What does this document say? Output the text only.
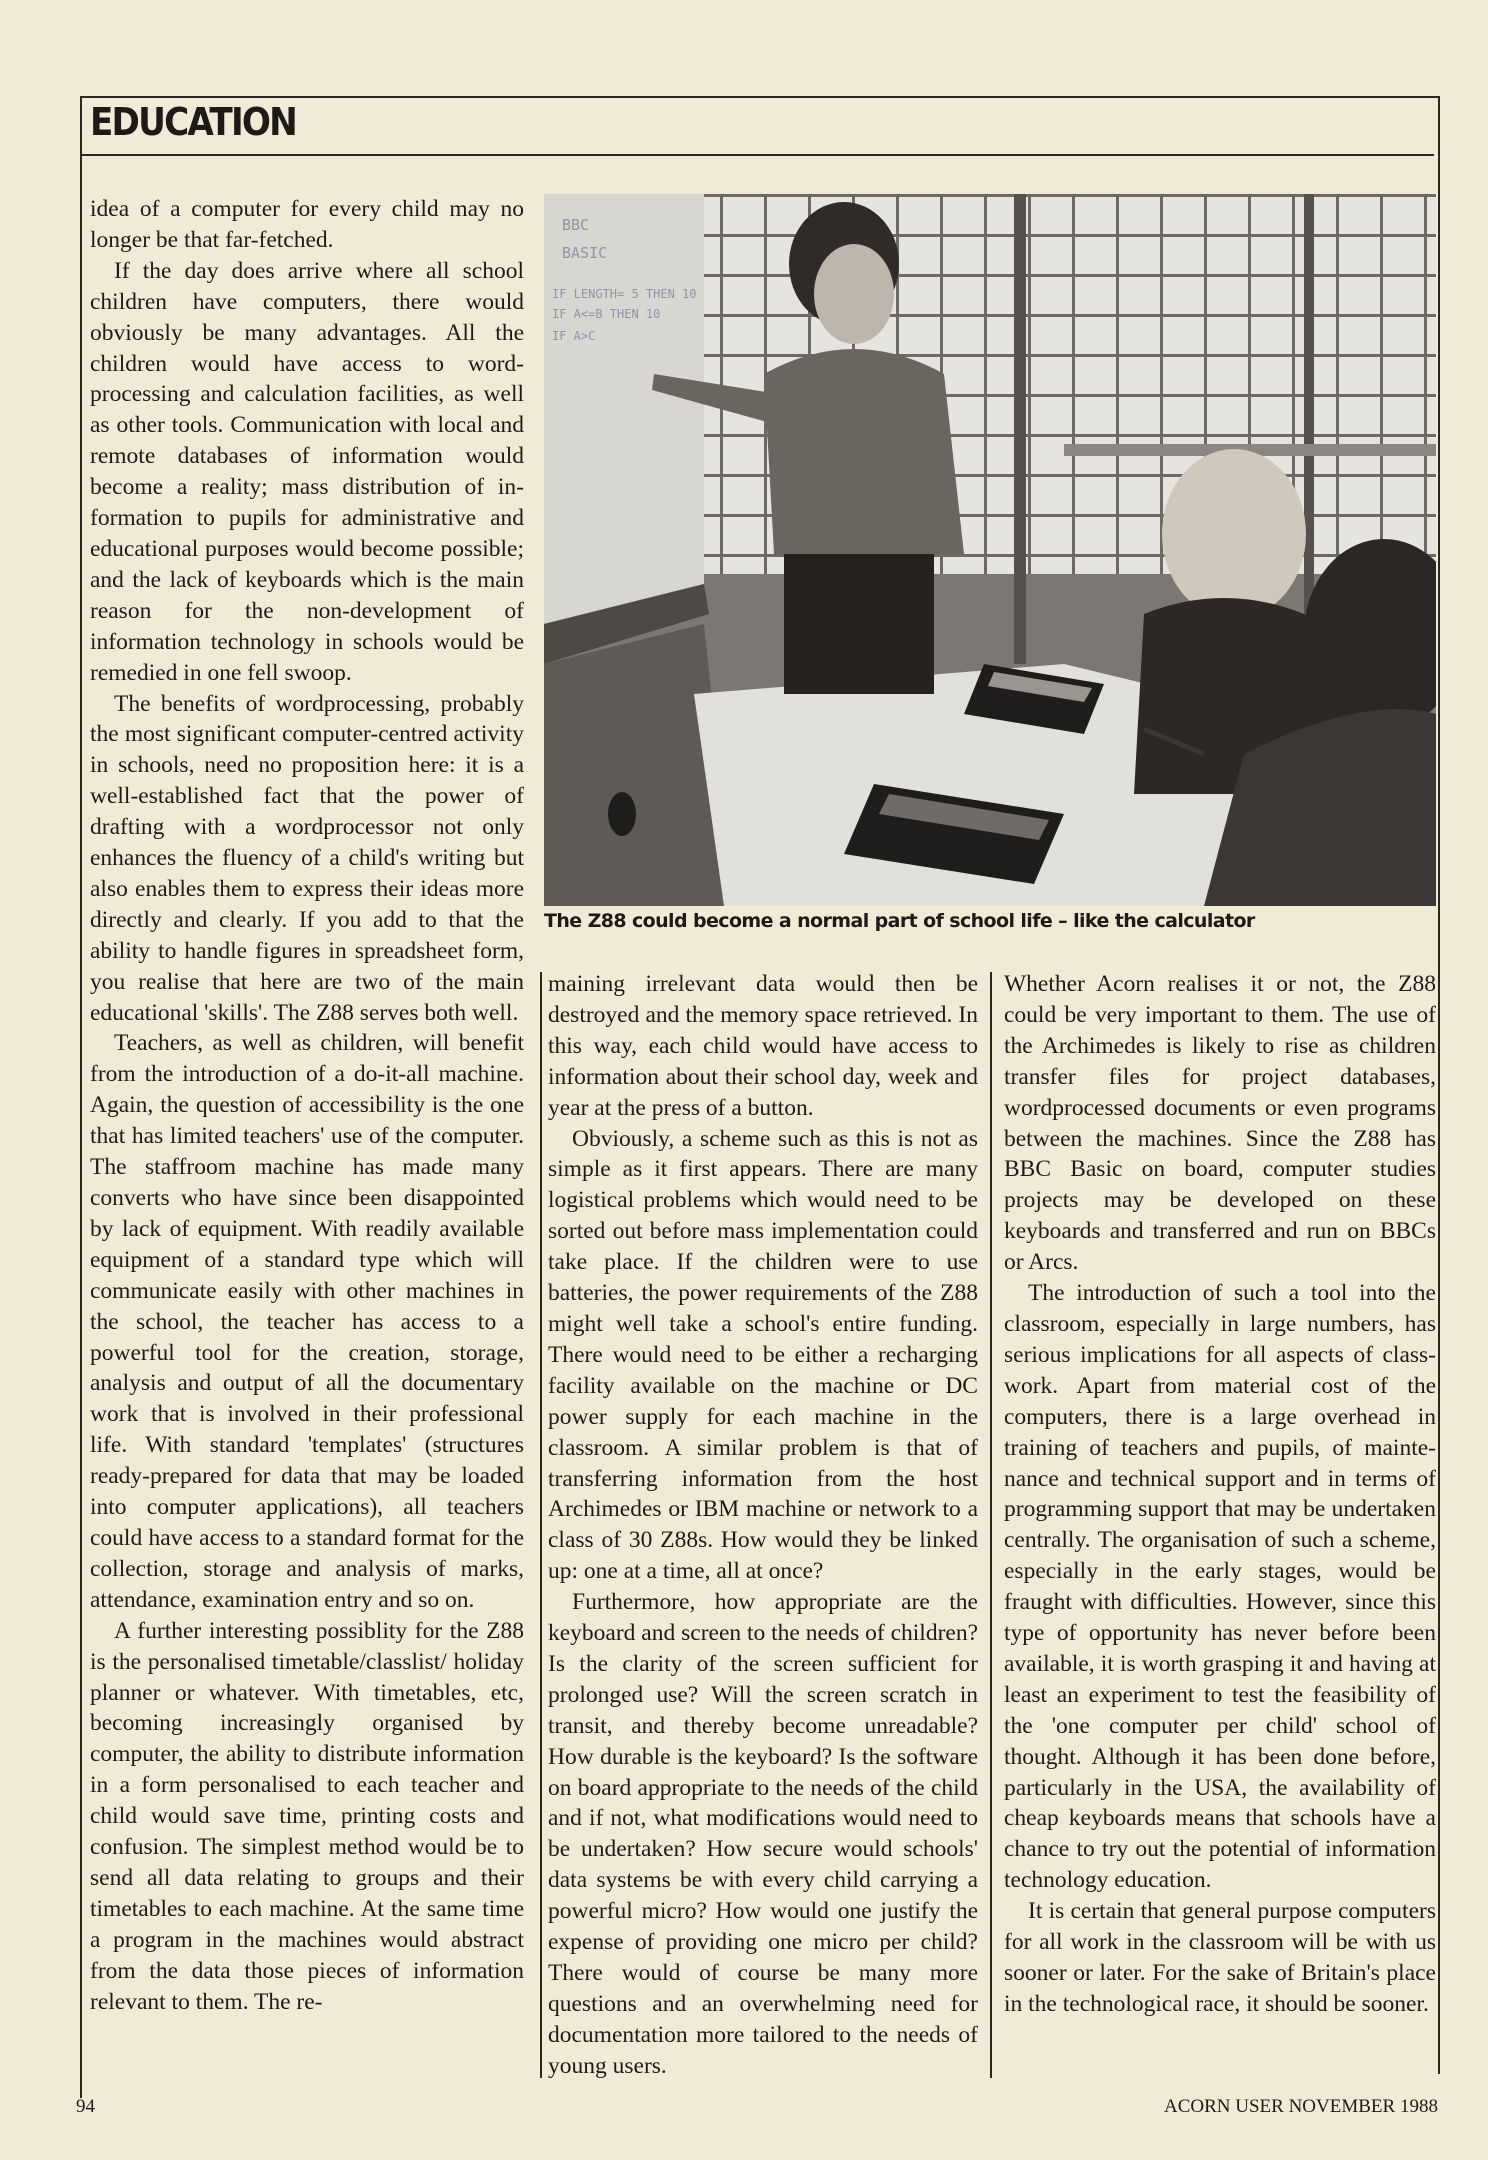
EDUCATION
BBC
BASIC
IF LENGTH= 5 THEN 10
IF A<=B THEN 10
IF A>C

The Z88 could become a normal part of school life – like the calculator

idea of a computer for every child may no longer be that far-fetched.

If the day does arrive where all school children have computers, there would obviously be many advantages. All the children would have access to wordprocessing and calculation facilities, as well as other tools. Communication with local and remote databases of information would become a reality; mass distribution of information to pupils for administrative and educational purposes would become possible; and the lack of keyboards which is the main reason for the non-development of information technology in schools would be remedied in one fell swoop.

The benefits of wordprocessing, probably the most significant computer-centred activity in schools, need no proposition here: it is a well-established fact that the power of drafting with a wordprocessor not only enhances the fluency of a child's writing but also enables them to express their ideas more directly and clearly. If you add to that the ability to handle figures in spreadsheet form, you realise that here are two of the main educational 'skills'. The Z88 serves both well.

Teachers, as well as children, will benefit from the introduction of a do-it-all machine. Again, the question of accessibility is the one that has limited teachers' use of the computer. The staffroom machine has made many converts who have since been disappointed by lack of equipment. With readily available equipment of a standard type which will communicate easily with other machines in the school, the teacher has access to a powerful tool for the creation, storage, analysis and output of all the documentary work that is involved in their professional life. With standard 'templates' (structures ready-prepared for data that may be loaded into computer applications), all teachers could have access to a standard format for the collection, storage and analysis of marks, attendance, examination entry and so on.

A further interesting possiblity for the Z88 is the personalised timetable/classlist/ holiday planner or whatever. With timetables, etc, becoming increasingly organised by computer, the ability to distribute information in a form personalised to each teacher and child would save time, printing costs and confusion. The simplest method would be to send all data relating to groups and their timetables to each machine. At the same time a program in the machines would abstract from the data those pieces of information relevant to them. The re-

maining irrelevant data would then be destroyed and the memory space retrieved. In this way, each child would have access to information about their school day, week and year at the press of a button.

Obviously, a scheme such as this is not as simple as it first appears. There are many logistical problems which would need to be sorted out before mass implementation could take place. If the children were to use batteries, the power requirements of the Z88 might well take a school's entire funding. There would need to be either a recharging facility available on the machine or DC power supply for each machine in the classroom. A similar problem is that of transferring information from the host Archimedes or IBM machine or network to a class of 30 Z88s. How would they be linked up: one at a time, all at once?

Furthermore, how appropriate are the keyboard and screen to the needs of children? Is the clarity of the screen sufficient for prolonged use? Will the screen scratch in transit, and thereby become unreadable? How durable is the keyboard? Is the software on board appropriate to the needs of the child and if not, what modifications would need to be undertaken? How secure would schools' data systems be with every child carrying a powerful micro? How would one justify the expense of providing one micro per child? There would of course be many more questions and an overwhelming need for documentation more tailored to the needs of young users.

Whether Acorn realises it or not, the Z88 could be very important to them. The use of the Archimedes is likely to rise as children transfer files for project databases, wordprocessed documents or even programs between the machines. Since the Z88 has BBC Basic on board, computer studies projects may be developed on these keyboards and transferred and run on BBCs or Arcs.

The introduction of such a tool into the classroom, especially in large numbers, has serious implications for all aspects of classwork. Apart from material cost of the computers, there is a large overhead in training of teachers and pupils, of maintenance and technical support and in terms of programming support that may be undertaken centrally. The organisation of such a scheme, especially in the early stages, would be fraught with difficulties. However, since this type of opportunity has never before been available, it is worth grasping it and having at least an experiment to test the feasibility of the 'one computer per child' school of thought. Although it has been done before, particularly in the USA, the availability of cheap keyboards means that schools have a chance to try out the potential of information technology education.

It is certain that general purpose computers for all work in the classroom will be with us sooner or later. For the sake of Britain's place in the technological race, it should be sooner.

94	ACORN USER NOVEMBER 1988
